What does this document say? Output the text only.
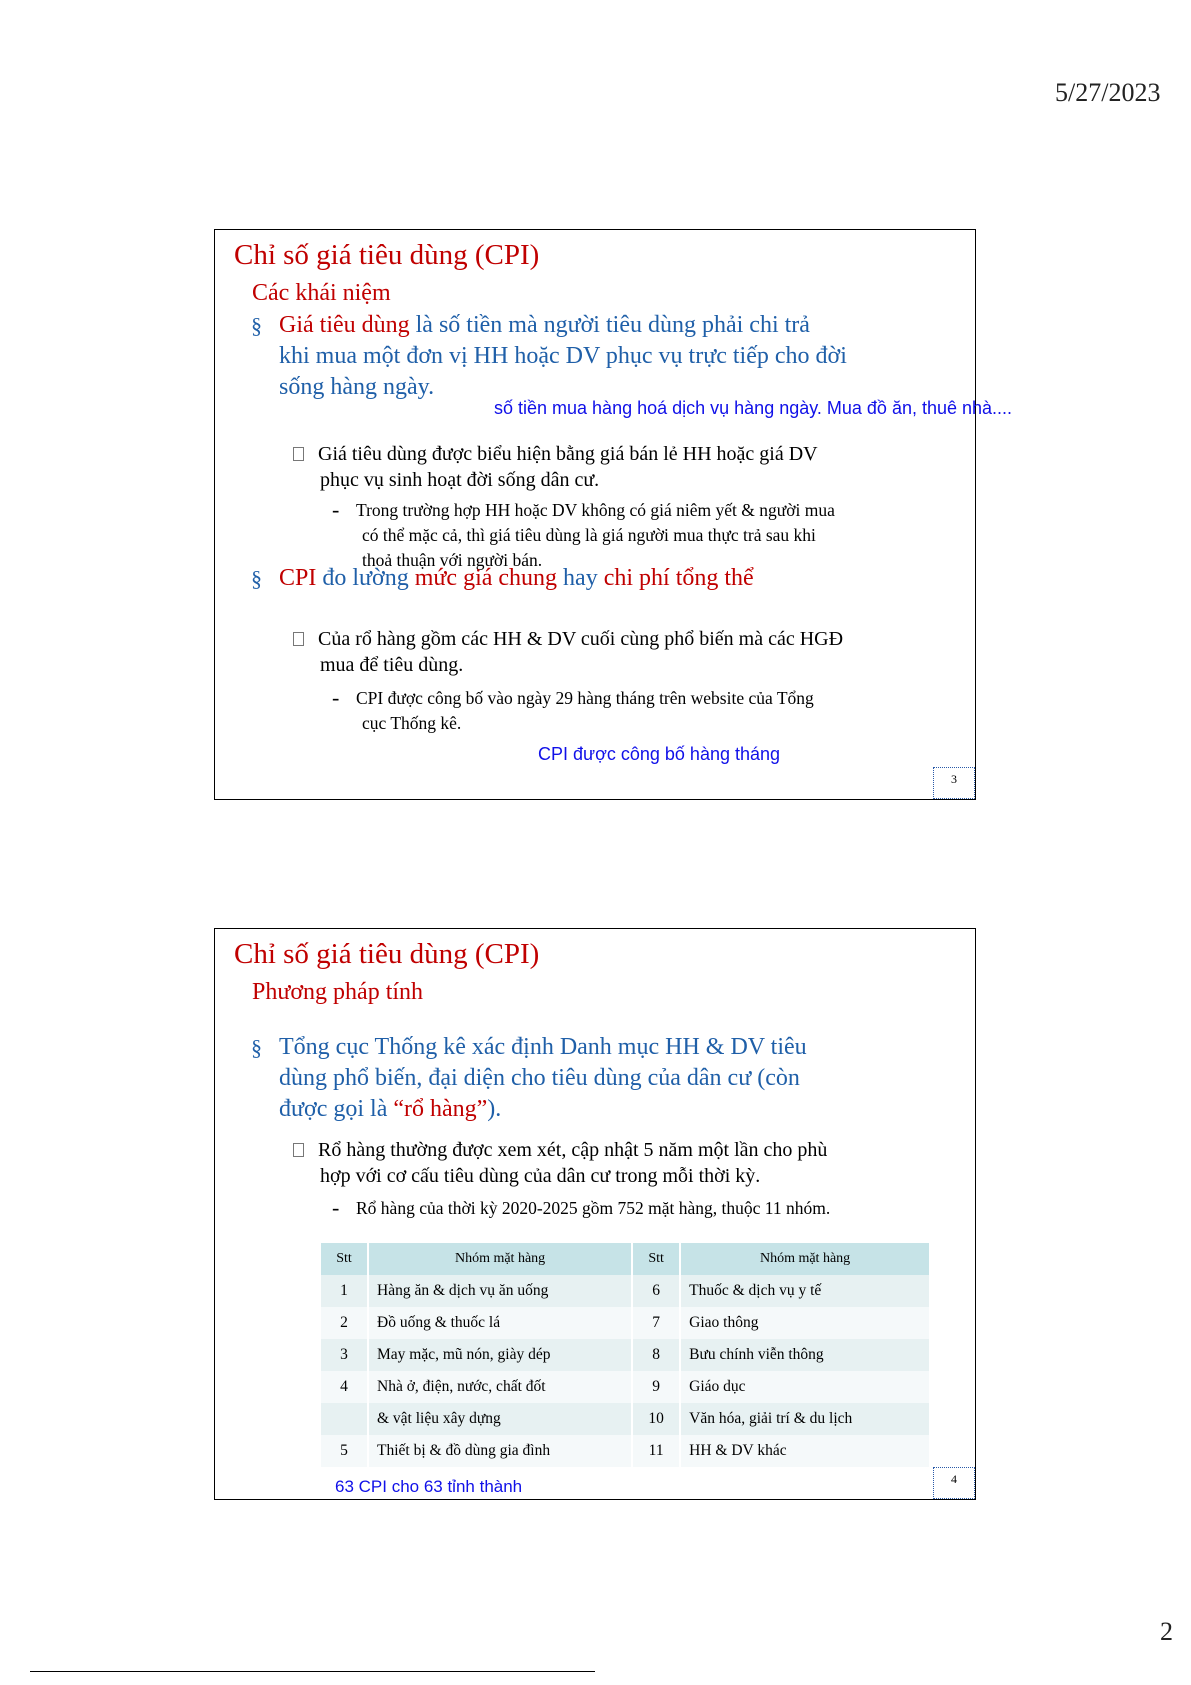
5/27/2023
Chỉ số giá tiêu dùng (CPI)
Các khái niệm
§ Giá tiêu dùng là số tiền mà người tiêu dùng phải chi trả
khi mua một đơn vị HH hoặc DV phục vụ trực tiếp cho đời
sống hàng ngày.
số tiền mua hàng hoá dịch vụ hàng ngày. Mua đồ ăn, thuê nhà....
Giá tiêu dùng được biểu hiện bằng giá bán lẻ HH hoặc giá DV
phục vụ sinh hoạt đời sống dân cư.
- Trong trường hợp HH hoặc DV không có giá niêm yết & người mua
có thể mặc cả, thì giá tiêu dùng là giá người mua thực trả sau khi
thoả thuận với người bán.
§ CPI đo lường mức giá chung hay chi phí tổng thể
Của rổ hàng gồm các HH & DV cuối cùng phổ biến mà các HGĐ
mua để tiêu dùng.
- CPI được công bố vào ngày 29 hàng tháng trên website của Tổng
cục Thống kê.
CPI được công bố hàng tháng
3
Chỉ số giá tiêu dùng (CPI)
Phương pháp tính
§ Tổng cục Thống kê xác định Danh mục HH & DV tiêu
dùng phổ biến, đại diện cho tiêu dùng của dân cư (còn
được gọi là “rổ hàng”).
Rổ hàng thường được xem xét, cập nhật 5 năm một lần cho phù
hợp với cơ cấu tiêu dùng của dân cư trong mỗi thời kỳ.
- Rổ hàng của thời kỳ 2020-2025 gồm 752 mặt hàng, thuộc 11 nhóm.
Stt	Nhóm mặt hàng	Stt	Nhóm mặt hàng
1	Hàng ăn & dịch vụ ăn uống	6	Thuốc & dịch vụ y tế
2	Đồ uống & thuốc lá	7	Giao thông
3	May mặc, mũ nón, giày dép	8	Bưu chính viễn thông
4	Nhà ở, điện, nước, chất đốt	9	Giáo dục
	& vật liệu xây dựng	10	Văn hóa, giải trí & du lịch
5	Thiết bị & đồ dùng gia đình	11	HH & DV khác
63 CPI cho 63 tỉnh thành	4
2
